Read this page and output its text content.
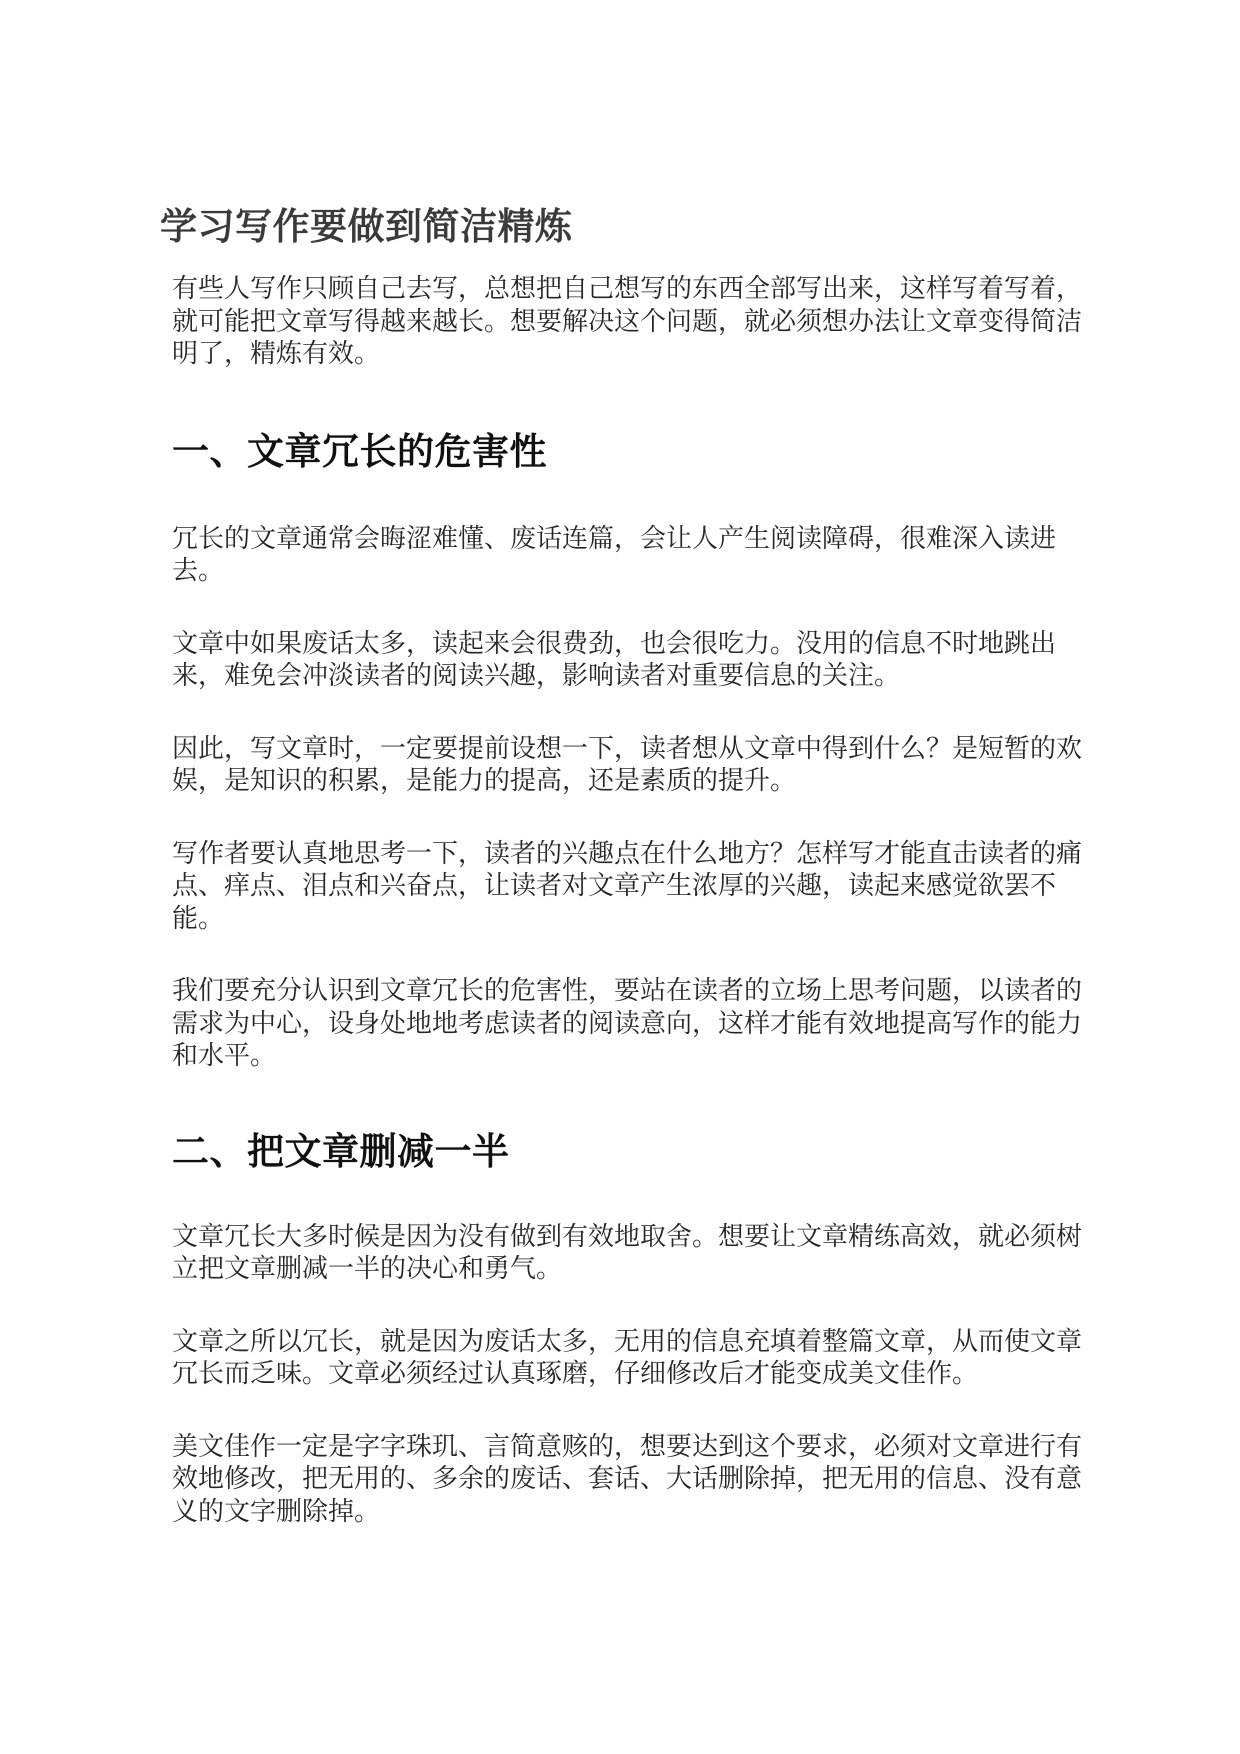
学习写作要做到简洁精炼

有些人写作只顾自己去写，总想把自己想写的东西全部写出来，这样写着写着，就可能把文章写得越来越长。想要解决这个问题，就必须想办法让文章变得简洁明了，精炼有效。

一、文章冗长的危害性

冗长的文章通常会晦涩难懂、废话连篇，会让人产生阅读障碍，很难深入读进去。

文章中如果废话太多，读起来会很费劲，也会很吃力。没用的信息不时地跳出来，难免会冲淡读者的阅读兴趣，影响读者对重要信息的关注。

因此，写文章时，一定要提前设想一下，读者想从文章中得到什么？是短暂的欢娱，是知识的积累，是能力的提高，还是素质的提升。

写作者要认真地思考一下，读者的兴趣点在什么地方？怎样写才能直击读者的痛点、痒点、泪点和兴奋点，让读者对文章产生浓厚的兴趣，读起来感觉欲罢不能。

我们要充分认识到文章冗长的危害性，要站在读者的立场上思考问题，以读者的需求为中心，设身处地地考虑读者的阅读意向，这样才能有效地提高写作的能力和水平。

二、把文章删减一半

文章冗长大多时候是因为没有做到有效地取舍。想要让文章精练高效，就必须树立把文章删减一半的决心和勇气。

文章之所以冗长，就是因为废话太多，无用的信息充填着整篇文章，从而使文章冗长而乏味。文章必须经过认真琢磨，仔细修改后才能变成美文佳作。

美文佳作一定是字字珠玑、言简意赅的，想要达到这个要求，必须对文章进行有效地修改，把无用的、多余的废话、套话、大话删除掉，把无用的信息、没有意义的文字删除掉。
